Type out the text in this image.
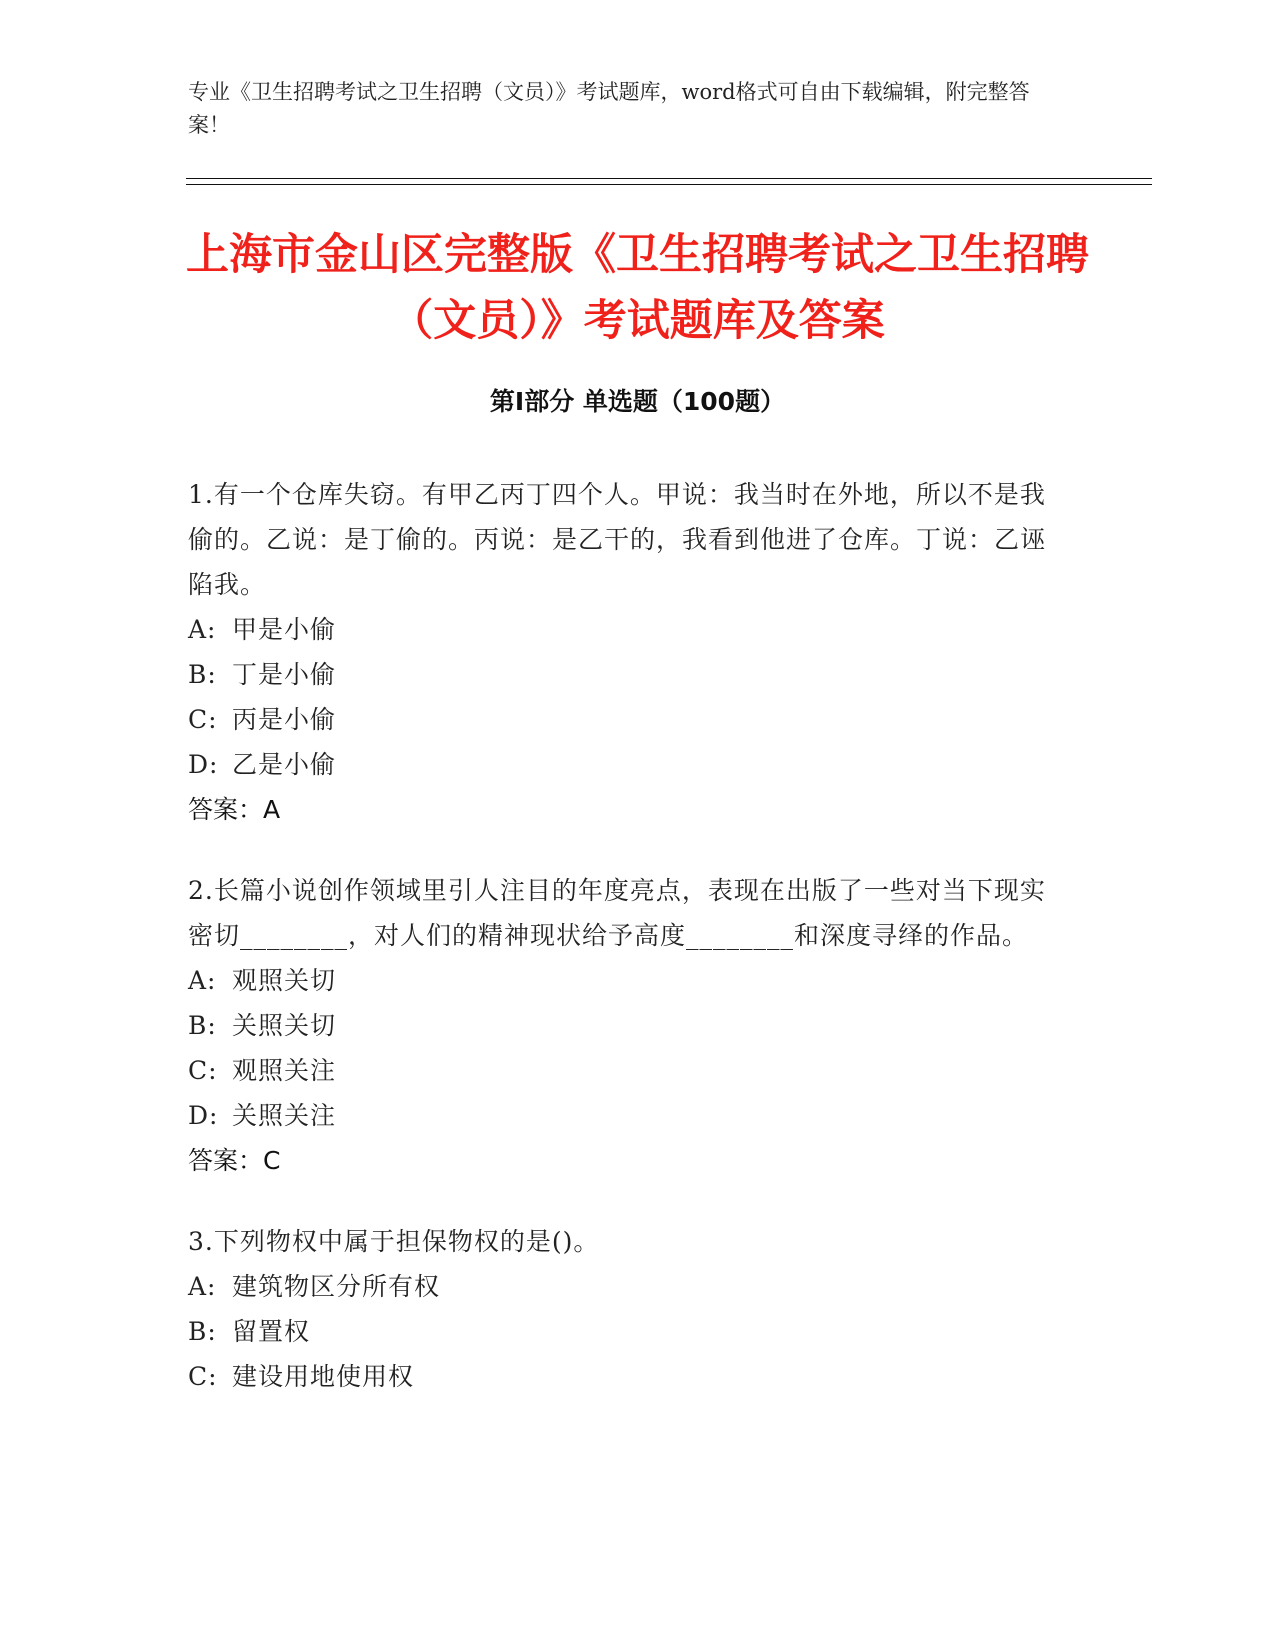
专业《卫生招聘考试之卫生招聘（文员）》考试题库，word格式可自由下载编辑，附完整答案！

上海市金山区完整版《卫生招聘考试之卫生招聘（文员）》考试题库及答案
第Ⅰ部分 单选题（100题）

1.有一个仓库失窃。有甲乙丙丁四个人。甲说：我当时在外地，所以不是我偷的。乙说：是丁偷的。丙说：是乙干的，我看到他进了仓库。丁说：乙诬陷我。

A: 甲是小偷

B: 丁是小偷

C: 丙是小偷

D: 乙是小偷

答案：A

2.长篇小说创作领域里引人注目的年度亮点，表现在出版了一些对当下现实密切________，对人们的精神现状给予高度________和深度寻绎的作品。

A: 观照关切

B: 关照关切

C: 观照关注

D: 关照关注

答案：C

3.下列物权中属于担保物权的是()。

A: 建筑物区分所有权

B: 留置权

C: 建设用地使用权
